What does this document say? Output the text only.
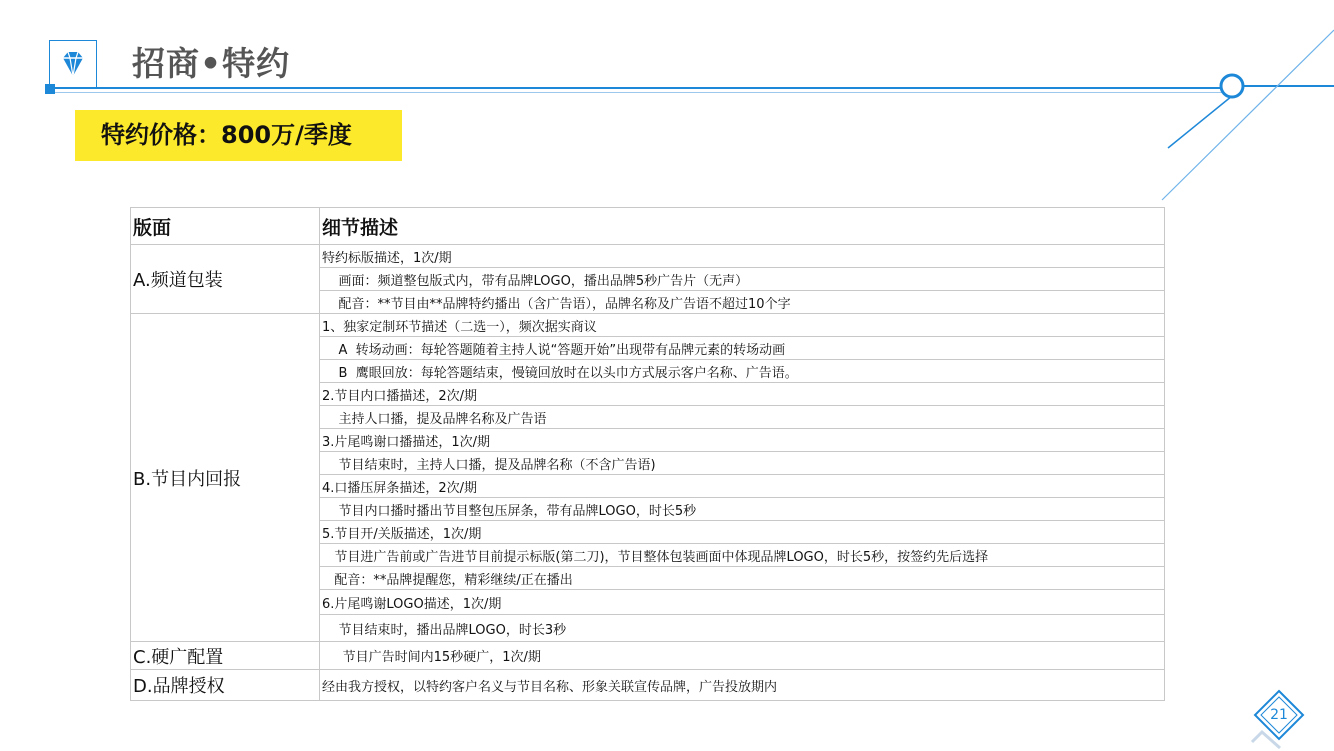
招商•特约
特约价格：800万/季度
版面	细节描述
A.频道包装	特约标版描述，1次/期
	画面：频道整包版式内，带有品牌LOGO，播出品牌5秒广告片（无声）
	配音：**节目由**品牌特约播出（含广告语），品牌名称及广告语不超过10个字
B.节目内回报	1、独家定制环节描述（二选一），频次据实商议
	A  转场动画：每轮答题随着主持人说“答题开始”出现带有品牌元素的转场动画
	B  鹰眼回放：每轮答题结束，慢镜回放时在以头巾方式展示客户名称、广告语。
	2.节目内口播描述，2次/期
	主持人口播，提及品牌名称及广告语
	3.片尾鸣谢口播描述，1次/期
	节目结束时，主持人口播，提及品牌名称（不含广告语)
	4.口播压屏条描述，2次/期
	节目内口播时播出节目整包压屏条，带有品牌LOGO，时长5秒
	5.节目开/关版描述，1次/期
	节目进广告前或广告进节目前提示标版(第二刀)，节目整体包装画面中体现品牌LOGO，时长5秒，按签约先后选择
	配音：**品牌提醒您，精彩继续/正在播出
	6.片尾鸣谢LOGO描述，1次/期
	节目结束时，播出品牌LOGO，时长3秒
C.硬广配置	节目广告时间内15秒硬广，1次/期
D.品牌授权	经由我方授权，以特约客户名义与节目名称、形象关联宣传品牌，广告投放期内
21
